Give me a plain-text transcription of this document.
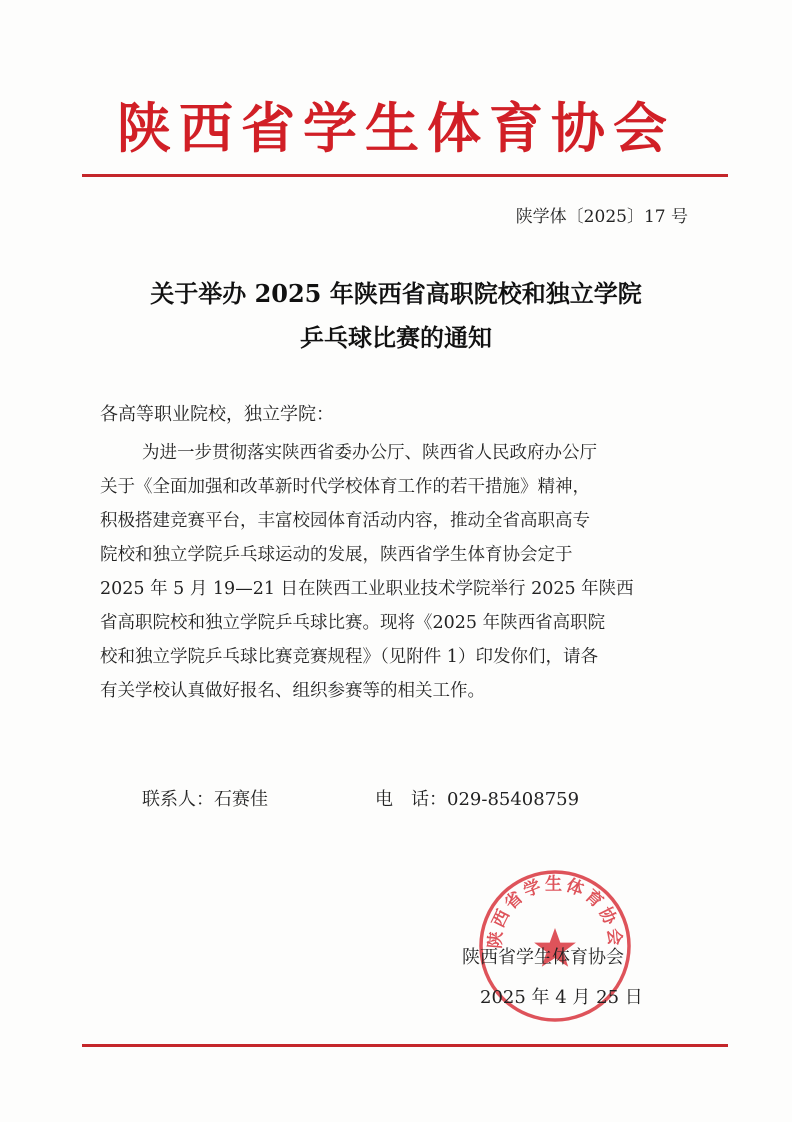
陕西省学生体育协会
陕学体〔2025〕17 号
关于举办 2025 年陕西省高职院校和独立学院
乒乓球比赛的通知
各高等职业院校，独立学院：

为进一步贯彻落实陕西省委办公厅、陕西省人民政府办公厅
关于《全面加强和改革新时代学校体育工作的若干措施》精神，
积极搭建竞赛平台，丰富校园体育活动内容，推动全省高职高专
院校和独立学院乒乓球运动的发展，陕西省学生体育协会定于
2025 年 5 月 19—21 日在陕西工业职业技术学院举行 2025 年陕西
省高职院校和独立学院乒乓球比赛。现将《2025 年陕西省高职院
校和独立学院乒乓球比赛竞赛规程》（见附件 1）印发你们，请各
有关学校认真做好报名、组织参赛等的相关工作。

联系人：石赛佳	电　话：029-85408759
陕西省学生体育协会
陕西省学生体育协会
2025 年 4 月 25 日
